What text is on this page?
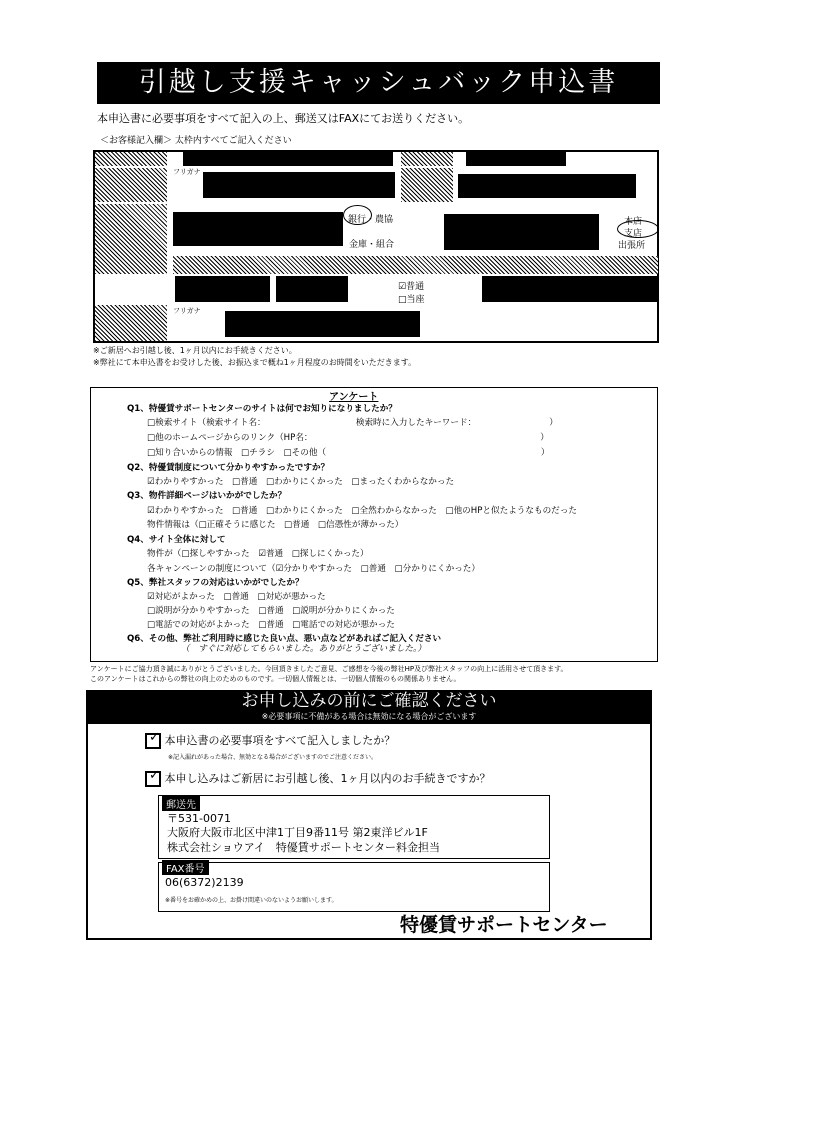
引越し支援キャッシュバック申込書
本申込書に必要事項をすべて記入の上、郵送又はFAXにてお送りください。
＜お客様記入欄＞ 太枠内すべてご記入ください
フリガナ
銀行・農協
金庫・組合
本店
支店
出張所
☑普通
□当座
フリガナ
※ご新居へお引越し後、1ヶ月以内にお手続きください。
※弊社にて本申込書をお受けした後、お振込まで概ね1ヶ月程度のお時間をいただきます。
アンケート
Q1、特優賃サポートセンターのサイトは何でお知りになりましたか？
□検索サイト（検索サイト名：　　　　　　　　　　　検索時に入力したキーワード：　　　　　　　　　）
□他のホームページからのリンク（HP名：　　　　　　　　　　　　　　　　　　　　　　　　　　　）
□知り合いからの情報　□チラシ　□その他（　　　　　　　　　　　　　　　　　　　　　　　　　）
Q2、特優賃制度について分かりやすかったですか？
☑わかりやすかった　□普通　□わかりにくかった　□まったくわからなかった
Q3、物件詳細ページはいかがでしたか？
☑わかりやすかった　□普通　□わかりにくかった　□全然わからなかった　□他のHPと似たようなものだった
物件情報は（□正確そうに感じた　□普通　□信憑性が薄かった）
Q4、サイト全体に対して
物件が（□探しやすかった　☑普通　□探しにくかった）
各キャンペーンの制度について（☑分かりやすかった　□普通　□分かりにくかった）
Q5、弊社スタッフの対応はいかがでしたか？
☑対応がよかった　□普通　□対応が悪かった
□説明が分かりやすかった　□普通　□説明が分かりにくかった
□電話での対応がよかった　□普通　□電話での対応が悪かった
Q6、その他、弊社ご利用時に感じた良い点、悪い点などがあればご記入ください
（　すぐに対応してもらいました。ありがとうございました。）
アンケートにご協力頂き誠にありがとうございました。今回頂きましたご意見、ご感想を今後の弊社HP及び弊社スタッフの向上に活用させて頂きます。
このアンケートはこれからの弊社の向上のためのものです。一切個人情報とは、一切個人情報のもの関係ありません。
お申し込みの前にご確認ください
※必要事項に不備がある場合は無効になる場合がございます
✓ 本申込書の必要事項をすべて記入しましたか？
※記入漏れがあった場合、無効となる場合がございますのでご注意ください。
✓ 本申し込みはご新居にお引越し後、1ヶ月以内のお手続きですか？
郵送先
〒531-0071
大阪府大阪市北区中津1丁目9番11号 第2東洋ビル1F
株式会社ショウアイ　特優賃サポートセンター料金担当
FAX番号
06(6372)2139
※番号をお確かめの上、お掛け間違いのないようお願いします。
特優賃サポートセンター
